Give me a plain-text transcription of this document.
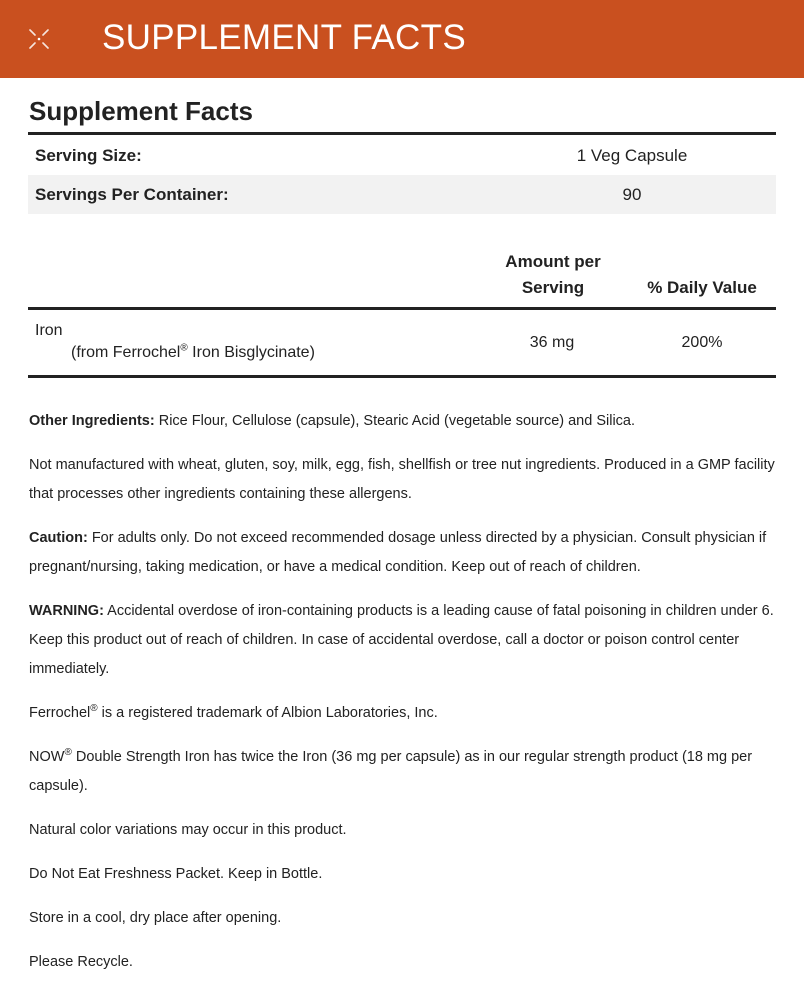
SUPPLEMENT FACTS
Supplement Facts
Serving Size:	1 Veg Capsule
Servings Per Container:	90
Amount per
Serving	% Daily Value
Iron
(from Ferrochel® Iron Bisglycinate)
36 mg	200%

Other Ingredients: Rice Flour, Cellulose (capsule), Stearic Acid (vegetable source) and Silica.

Not manufactured with wheat, gluten, soy, milk, egg, fish, shellfish or tree nut ingredients. Produced in a GMP facility that processes other ingredients containing these allergens.

Caution: For adults only. Do not exceed recommended dosage unless directed by a physician. Consult physician if pregnant/nursing, taking medication, or have a medical condition. Keep out of reach of children.

WARNING: Accidental overdose of iron-containing products is a leading cause of fatal poisoning in children under 6. Keep this product out of reach of children. In case of accidental overdose, call a doctor or poison control center immediately.

Ferrochel® is a registered trademark of Albion Laboratories, Inc.

NOW® Double Strength Iron has twice the Iron (36 mg per capsule) as in our regular strength product (18 mg per capsule).

Natural color variations may occur in this product.

Do Not Eat Freshness Packet. Keep in Bottle.

Store in a cool, dry place after opening.

Please Recycle.
